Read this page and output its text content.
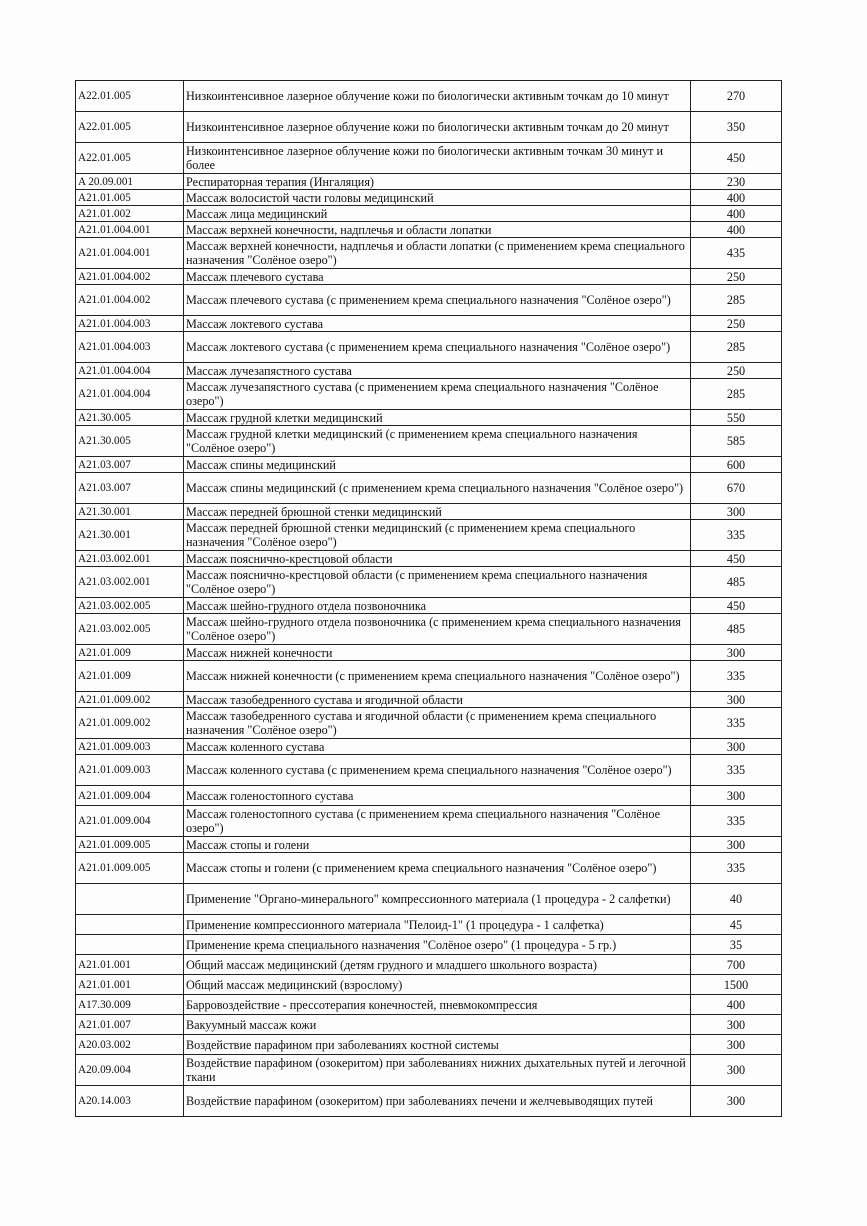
A22.01.005	Низкоинтенсивное лазерное облучение кожи по биологически активным точкам до 10 минут	270
A22.01.005	Низкоинтенсивное лазерное облучение кожи по биологически активным точкам до 20 минут	350
A22.01.005	Низкоинтенсивное лазерное облучение кожи по биологически активным точкам 30 минут и более	450
A 20.09.001	Респираторная терапия (Ингаляция)	230
A21.01.005	Массаж волосистой части головы медицинский	400
A21.01.002	Массаж лица медицинский	400
A21.01.004.001	Массаж верхней конечности, надплечья и области лопатки	400
A21.01.004.001	Массаж верхней конечности, надплечья и области лопатки (с применением крема специального назначения "Солёное озеро")	435
A21.01.004.002	Массаж плечевого сустава	250
A21.01.004.002	Массаж плечевого сустава (с применением крема специального назначения "Солёное озеро")	285
A21.01.004.003	Массаж локтевого сустава	250
A21.01.004.003	Массаж локтевого сустава (с применением крема специального назначения "Солёное озеро")	285
A21.01.004.004	Массаж лучезапястного сустава	250
A21.01.004.004	Массаж лучезапястного сустава (с применением крема специального назначения "Солёное озеро")	285
A21.30.005	Массаж грудной клетки медицинский	550
A21.30.005	Массаж грудной клетки медицинский (с применением крема специального назначения "Солёное озеро")	585
A21.03.007	Массаж спины медицинский	600
A21.03.007	Массаж спины медицинский (с применением крема специального назначения "Солёное озеро")	670
A21.30.001	Массаж передней брюшной стенки медицинский	300
A21.30.001	Массаж передней брюшной стенки медицинский (с применением крема специального назначения "Солёное озеро")	335
A21.03.002.001	Массаж пояснично-крестцовой области	450
A21.03.002.001	Массаж пояснично-крестцовой области (с применением крема специального назначения "Солёное озеро")	485
A21.03.002.005	Массаж шейно-грудного отдела позвоночника	450
A21.03.002.005	Массаж шейно-грудного отдела позвоночника (с применением крема специального назначения "Солёное озеро")	485
A21.01.009	Массаж нижней конечности	300
A21.01.009	Массаж нижней конечности (с применением крема специального назначения "Солёное озеро")	335
A21.01.009.002	Массаж тазобедренного сустава и ягодичной области	300
A21.01.009.002	Массаж тазобедренного сустава и ягодичной области (с применением крема специального назначения "Солёное озеро")	335
A21.01.009.003	Массаж коленного сустава	300
A21.01.009.003	Массаж коленного сустава (с применением крема специального назначения "Солёное озеро")	335
A21.01.009.004	Массаж голеностопного сустава	300
A21.01.009.004	Массаж голеностопного сустава (с применением крема специального назначения "Солёное озеро")	335
A21.01.009.005	Массаж стопы и голени	300
A21.01.009.005	Массаж стопы и голени (с применением крема специального назначения "Солёное озеро")	335
	Применение "Органо-минерального" компрессионного материала (1 процедура - 2 салфетки)	40
	Применение компрессионного материала "Пелоид-1" (1 процедура - 1 салфетка)	45
	Применение крема специального назначения "Солёное озеро" (1 процедура - 5 гр.)	35
A21.01.001	Общий массаж медицинский (детям грудного и младшего школьного возраста)	700
A21.01.001	Общий массаж медицинский (взрослому)	1500
A17.30.009	Барровоздействие - прессотерапия конечностей, пневмокомпрессия	400
A21.01.007	Вакуумный массаж кожи	300
A20.03.002	Воздействие парафином при заболеваниях костной системы	300
A20.09.004	Воздействие парафином (озокеритом) при заболеваниях нижних дыхательных путей и легочной ткани	300
A20.14.003	Воздействие парафином (озокеритом) при заболеваниях печени и желчевыводящих путей	300
